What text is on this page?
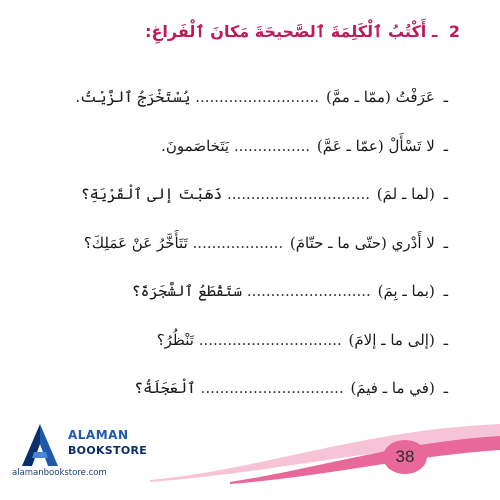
2 ـ أَكْتُبُ ٱلْكَلِمَةَ ٱلصَّحيحَةَ مَكانَ ٱلْفَراغِ:
ـ عَرَفْتُ (ممّا ـ ممَّ) .......................... يُسْتَخْرَجُ ٱلزَّيْتُ.
ـ لا تَسْأَلْ (عمّا ـ عَمَّ) ................ يَتَخاصَمونَ.
ـ (لما ـ لمَ) .............................. ذَهَبْتَ إلى ٱلْقَرْيَةِ؟
ـ لا أَدْري (حتّى ما ـ حتّامَ) ................... تَتَأَخَّرُ عَنْ عَمَلِكَ؟
ـ (بما ـ بِمَ) .......................... سَتَقْطَعُ ٱلشَّجَرَةَ؟
ـ (إلى ما ـ إلامَ) .............................. تَنْظُرُ؟
ـ (في ما ـ فيمَ) .............................. ٱلْعَجَلَةُ؟
38
ALAMAN
BOOKSTORE
alamanbookstore.com
